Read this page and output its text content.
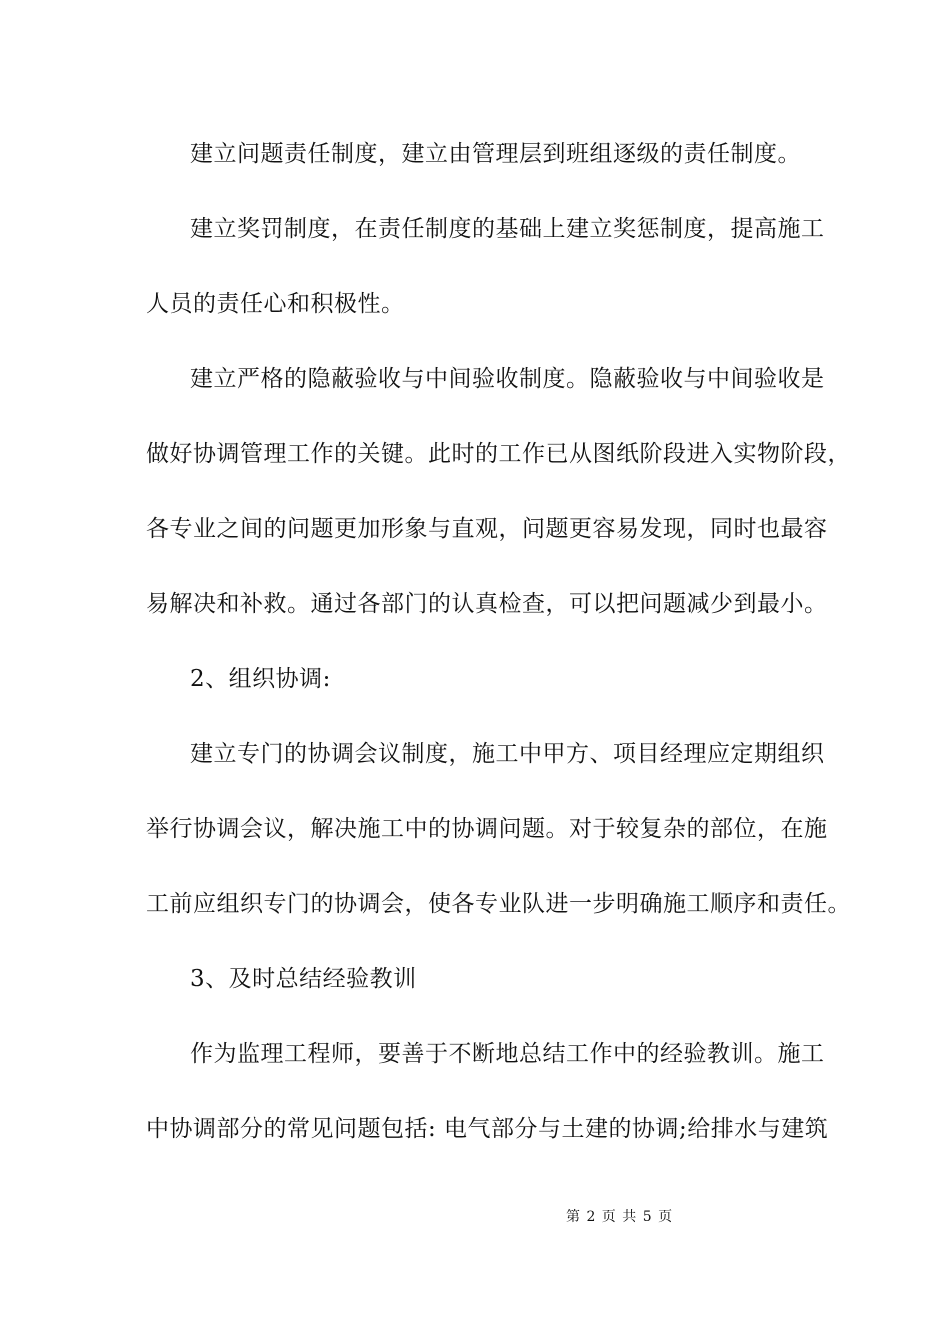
建立问题责任制度，建立由管理层到班组逐级的责任制度。

建立奖罚制度，在责任制度的基础上建立奖惩制度，提高施工

人员的责任心和积极性。

建立严格的隐蔽验收与中间验收制度。隐蔽验收与中间验收是

做好协调管理工作的关键。此时的工作已从图纸阶段进入实物阶段，

各专业之间的问题更加形象与直观，问题更容易发现，同时也最容

易解决和补救。通过各部门的认真检查，可以把问题减少到最小。

2、组织协调:

建立专门的协调会议制度，施工中甲方、项目经理应定期组织

举行协调会议，解决施工中的协调问题。对于较复杂的部位，在施

工前应组织专门的协调会，使各专业队进一步明确施工顺序和责任。

3、及时总结经验教训

作为监理工程师，要善于不断地总结工作中的经验教训。施工

中协调部分的常见问题包括: 电气部分与土建的协调;给排水与建筑

第 2 页 共 5 页
